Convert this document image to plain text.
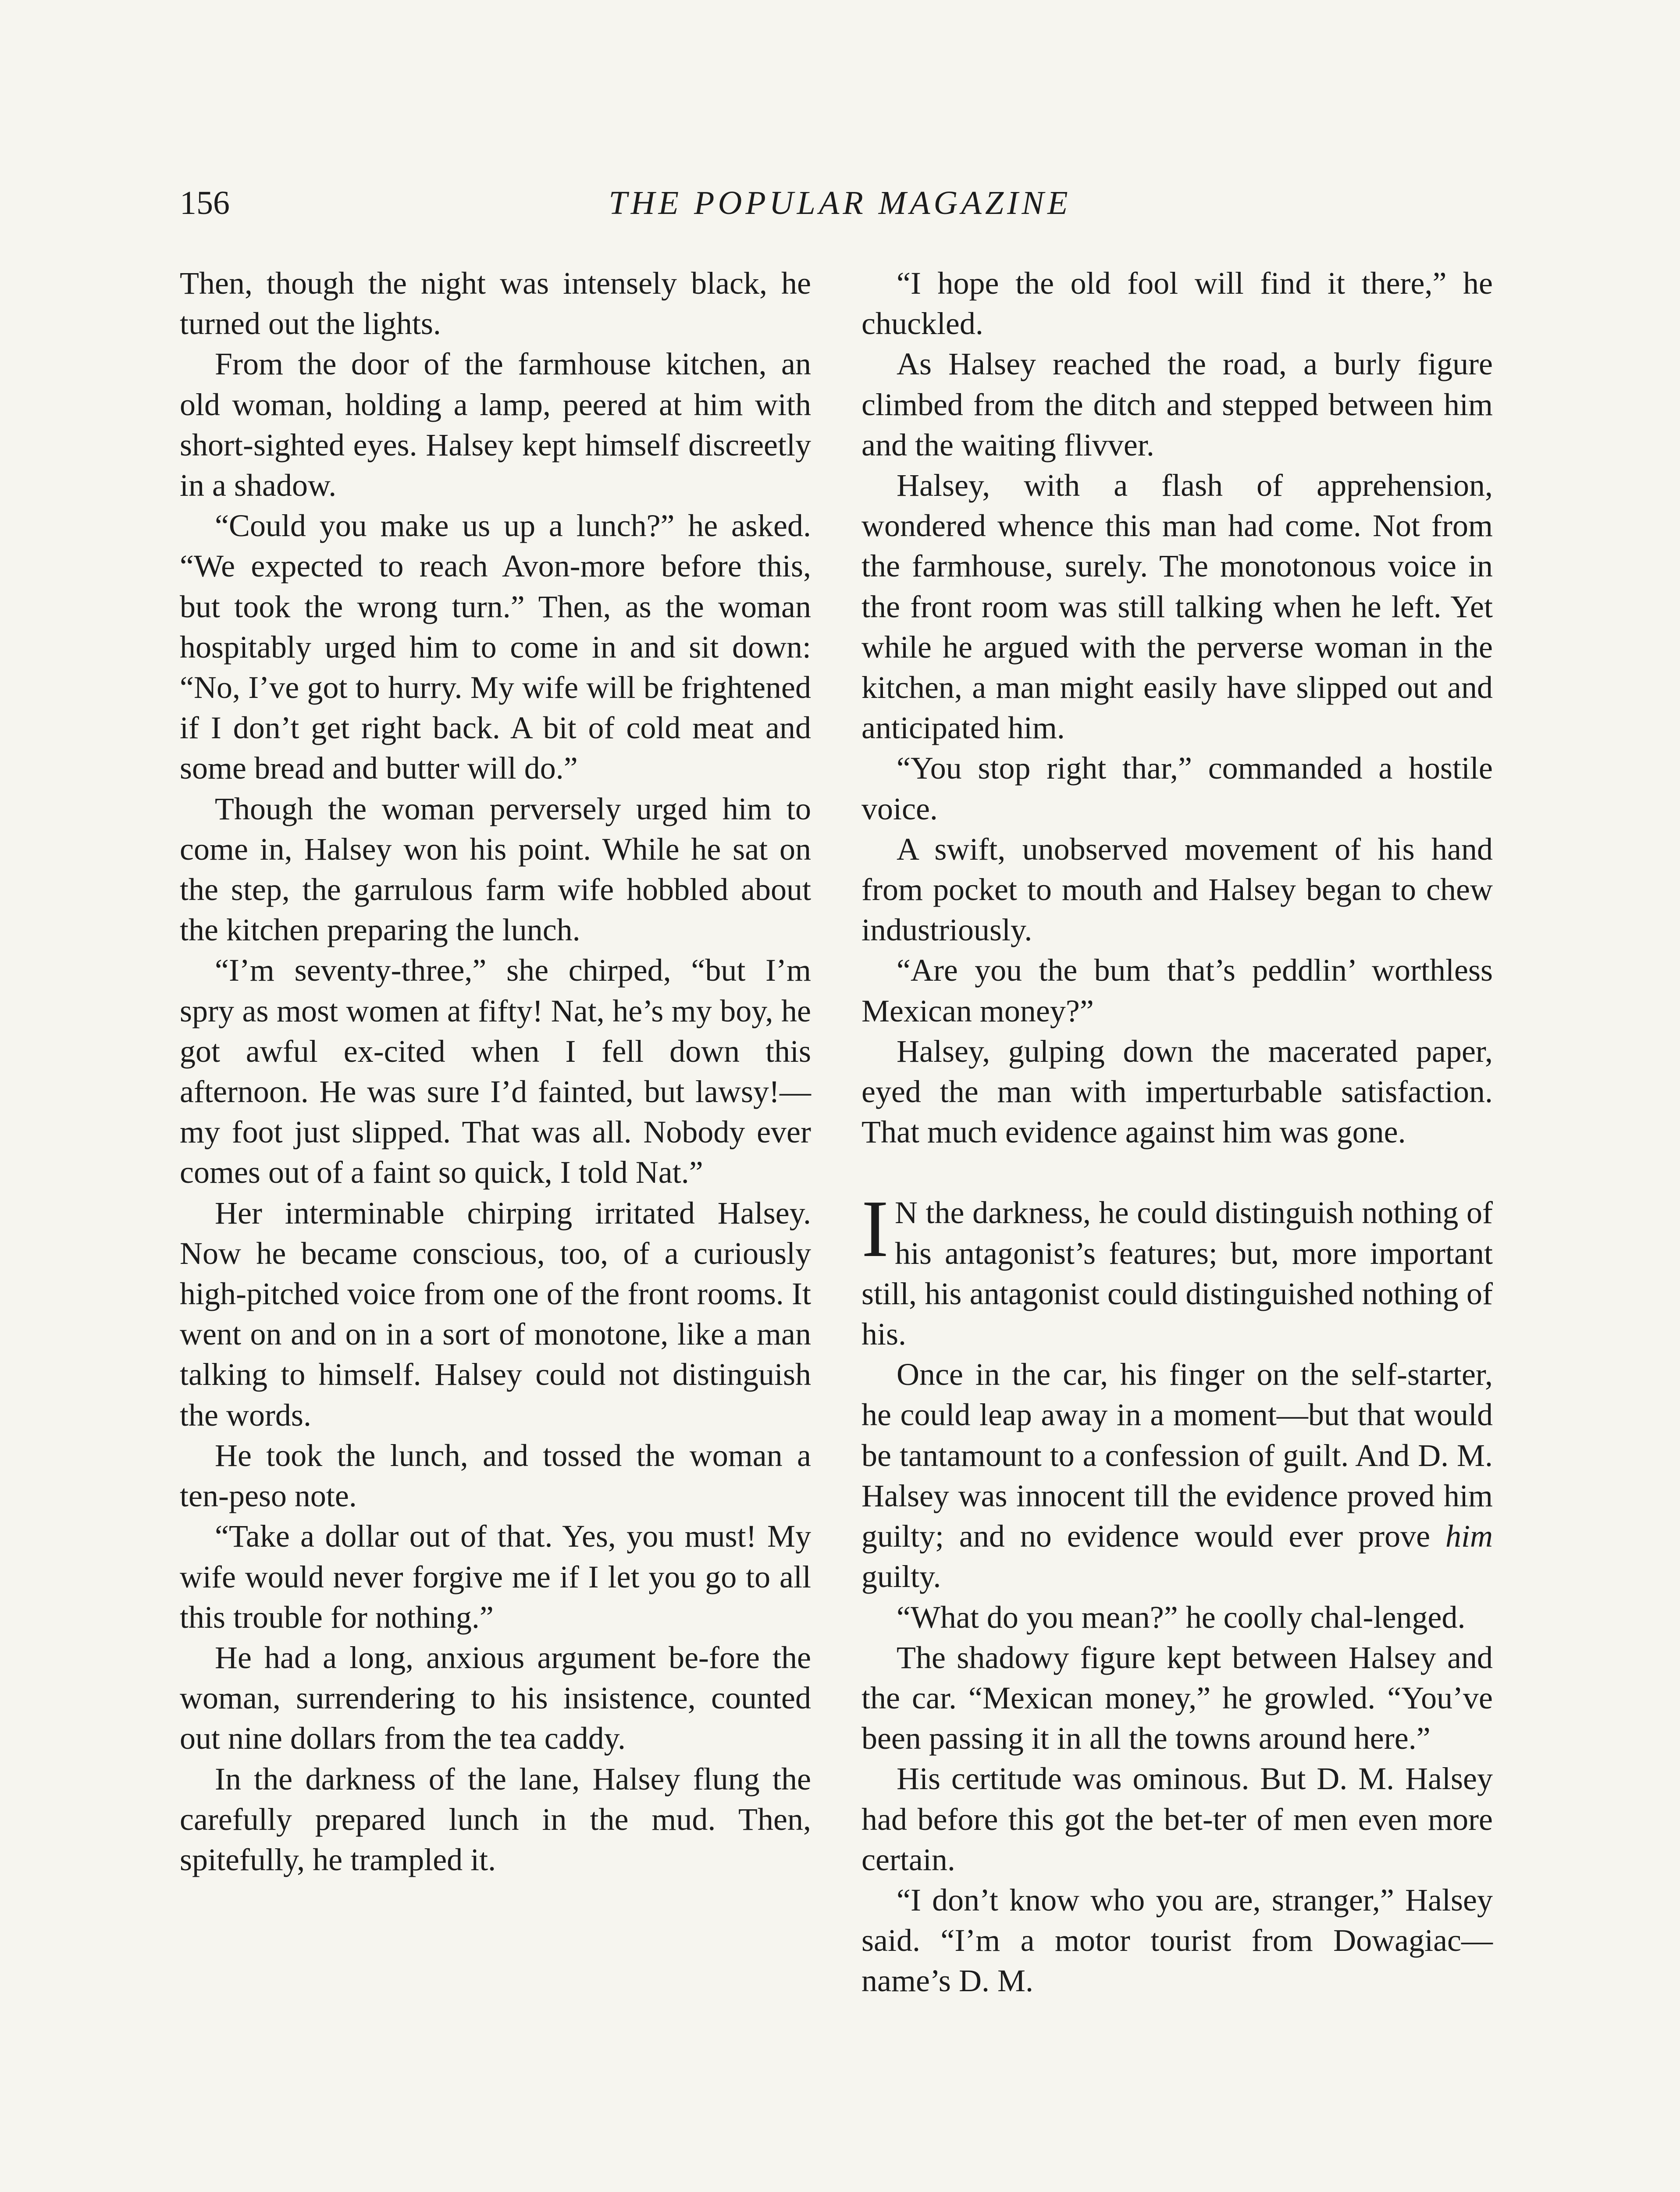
156	THE POPULAR MAGAZINE

Then, though the night was intensely black, he turned out the lights.

From the door of the farmhouse kitchen, an old woman, holding a lamp, peered at him with short-sighted eyes. Halsey kept himself discreetly in a shadow.

“Could you make us up a lunch?” he asked. “We expected to reach Avon-more before this, but took the wrong turn.” Then, as the woman hospitably urged him to come in and sit down: “No, I’ve got to hurry. My wife will be frightened if I don’t get right back. A bit of cold meat and some bread and butter will do.”

Though the woman perversely urged him to come in, Halsey won his point. While he sat on the step, the garrulous farm wife hobbled about the kitchen preparing the lunch.

“I’m seventy-three,” she chirped, “but I’m spry as most women at fifty! Nat, he’s my boy, he got awful ex-cited when I fell down this afternoon. He was sure I’d fainted, but lawsy!—my foot just slipped. That was all. Nobody ever comes out of a faint so quick, I told Nat.”

Her interminable chirping irritated Halsey. Now he became conscious, too, of a curiously high-pitched voice from one of the front rooms. It went on and on in a sort of monotone, like a man talking to himself. Halsey could not distinguish the words.

He took the lunch, and tossed the woman a ten-peso note.

“Take a dollar out of that. Yes, you must! My wife would never forgive me if I let you go to all this trouble for nothing.”

He had a long, anxious argument be-fore the woman, surrendering to his insistence, counted out nine dollars from the tea caddy.

In the darkness of the lane, Halsey flung the carefully prepared lunch in the mud. Then, spitefully, he trampled it.

“I hope the old fool will find it there,” he chuckled.

As Halsey reached the road, a burly figure climbed from the ditch and stepped between him and the waiting flivver.

Halsey, with a flash of apprehension, wondered whence this man had come. Not from the farmhouse, surely. The monotonous voice in the front room was still talking when he left. Yet while he argued with the perverse woman in the kitchen, a man might easily have slipped out and anticipated him.

“You stop right thar,” commanded a hostile voice.

A swift, unobserved movement of his hand from pocket to mouth and Halsey began to chew industriously.

“Are you the bum that’s peddlin’ worthless Mexican money?”

Halsey, gulping down the macerated paper, eyed the man with imperturbable satisfaction. That much evidence against him was gone.

I N the darkness, he could distinguish nothing of his antagonist’s features; but, more important still, his antagonist could distinguished nothing of his.

Once in the car, his finger on the self-starter, he could leap away in a moment—but that would be tantamount to a confession of guilt. And D. M. Halsey was innocent till the evidence proved him guilty; and no evidence would ever prove him guilty.

“What do you mean?” he coolly chal-lenged.

The shadowy figure kept between Halsey and the car. “Mexican money,” he growled. “You’ve been passing it in all the towns around here.”

His certitude was ominous. But D. M. Halsey had before this got the bet-ter of men even more certain.

“I don’t know who you are, stranger,” Halsey said. “I’m a motor tourist from Dowagiac—name’s D. M.
